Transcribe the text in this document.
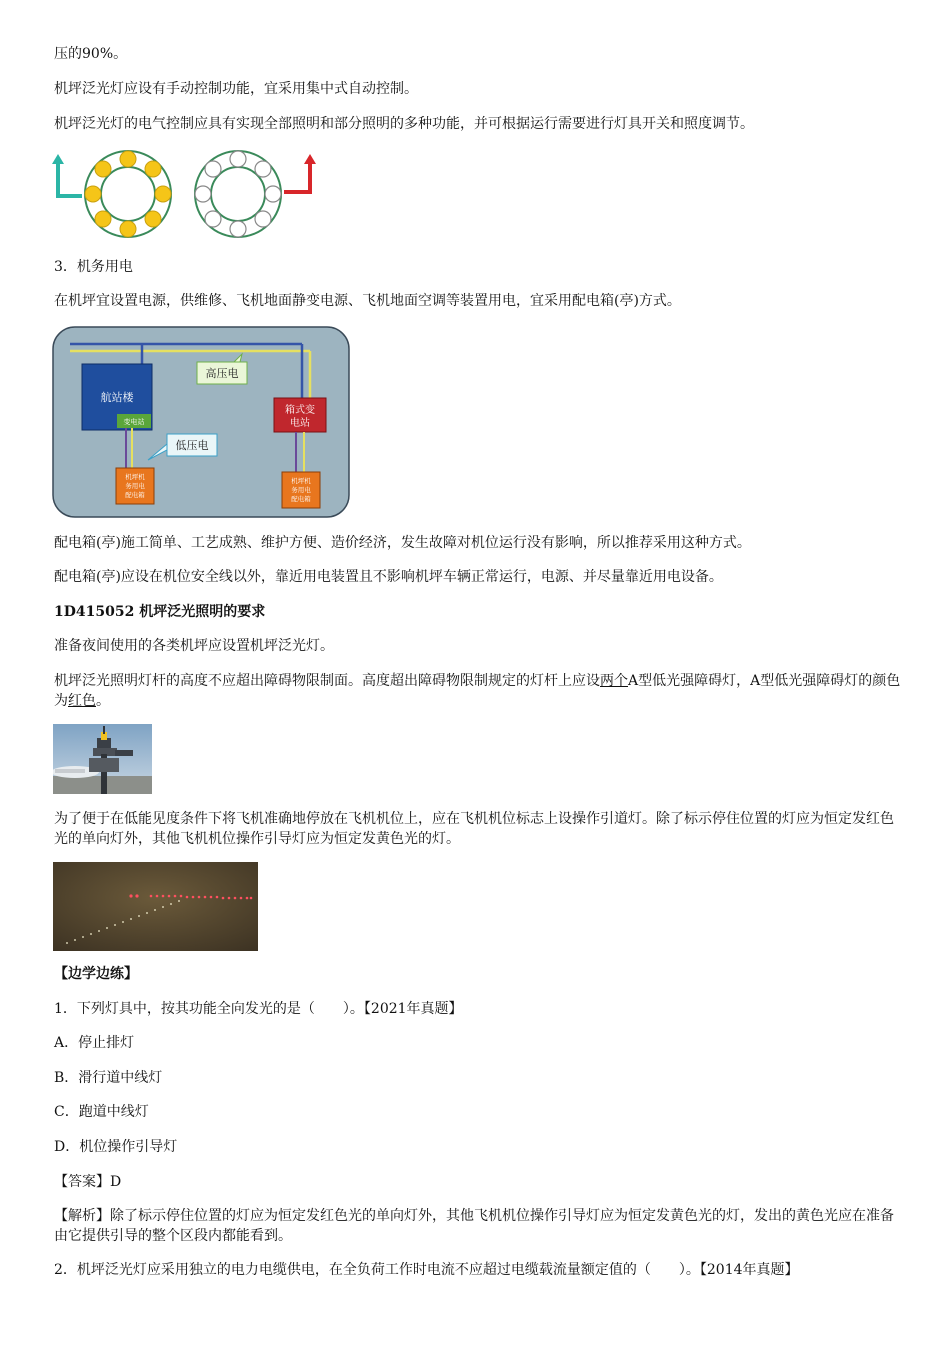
压的90%。

机坪泛光灯应设有手动控制功能，宜采用集中式自动控制。

机坪泛光灯的电气控制应具有实现全部照明和部分照明的多种功能，并可根据运行需要进行灯具开关和照度调节。

3．机务用电

在机坪宜设置电源，供维修、飞机地面静变电源、飞机地面空调等装置用电，宜采用配电箱(亭)方式。

航站楼
变电站
高压电
箱式变
电站
低压电
机坪机
务用电
配电箱
机坪机
务用电
配电箱

配电箱(亭)施工简单、工艺成熟、维护方便、造价经济，发生故障对机位运行没有影响，所以推荐采用这种方式。

配电箱(亭)应设在机位安全线以外，靠近用电装置且不影响机坪车辆正常运行，电源、并尽量靠近用电设备。

1D415052 机坪泛光照明的要求

准备夜间使用的各类机坪应设置机坪泛光灯。

机坪泛光照明灯杆的高度不应超出障碍物限制面。高度超出障碍物限制规定的灯杆上应设两个A型低光强障碍灯，A型低光强障碍灯的颜色为红色。

为了便于在低能见度条件下将飞机准确地停放在飞机机位上，应在飞机机位标志上设操作引道灯。除了标示停住位置的灯应为恒定发红色光的单向灯外，其他飞机机位操作引导灯应为恒定发黄色光的灯。

【边学边练】

1．下列灯具中，按其功能全向发光的是（　　）。【2021年真题】

A．停止排灯

B．滑行道中线灯

C．跑道中线灯

D．机位操作引导灯

【答案】D

【解析】除了标示停住位置的灯应为恒定发红色光的单向灯外，其他飞机机位操作引导灯应为恒定发黄色光的灯，发出的黄色光应在准备由它提供引导的整个区段内都能看到。

2．机坪泛光灯应采用独立的电力电缆供电，在全负荷工作时电流不应超过电缆载流量额定值的（　　）。【2014年真题】
